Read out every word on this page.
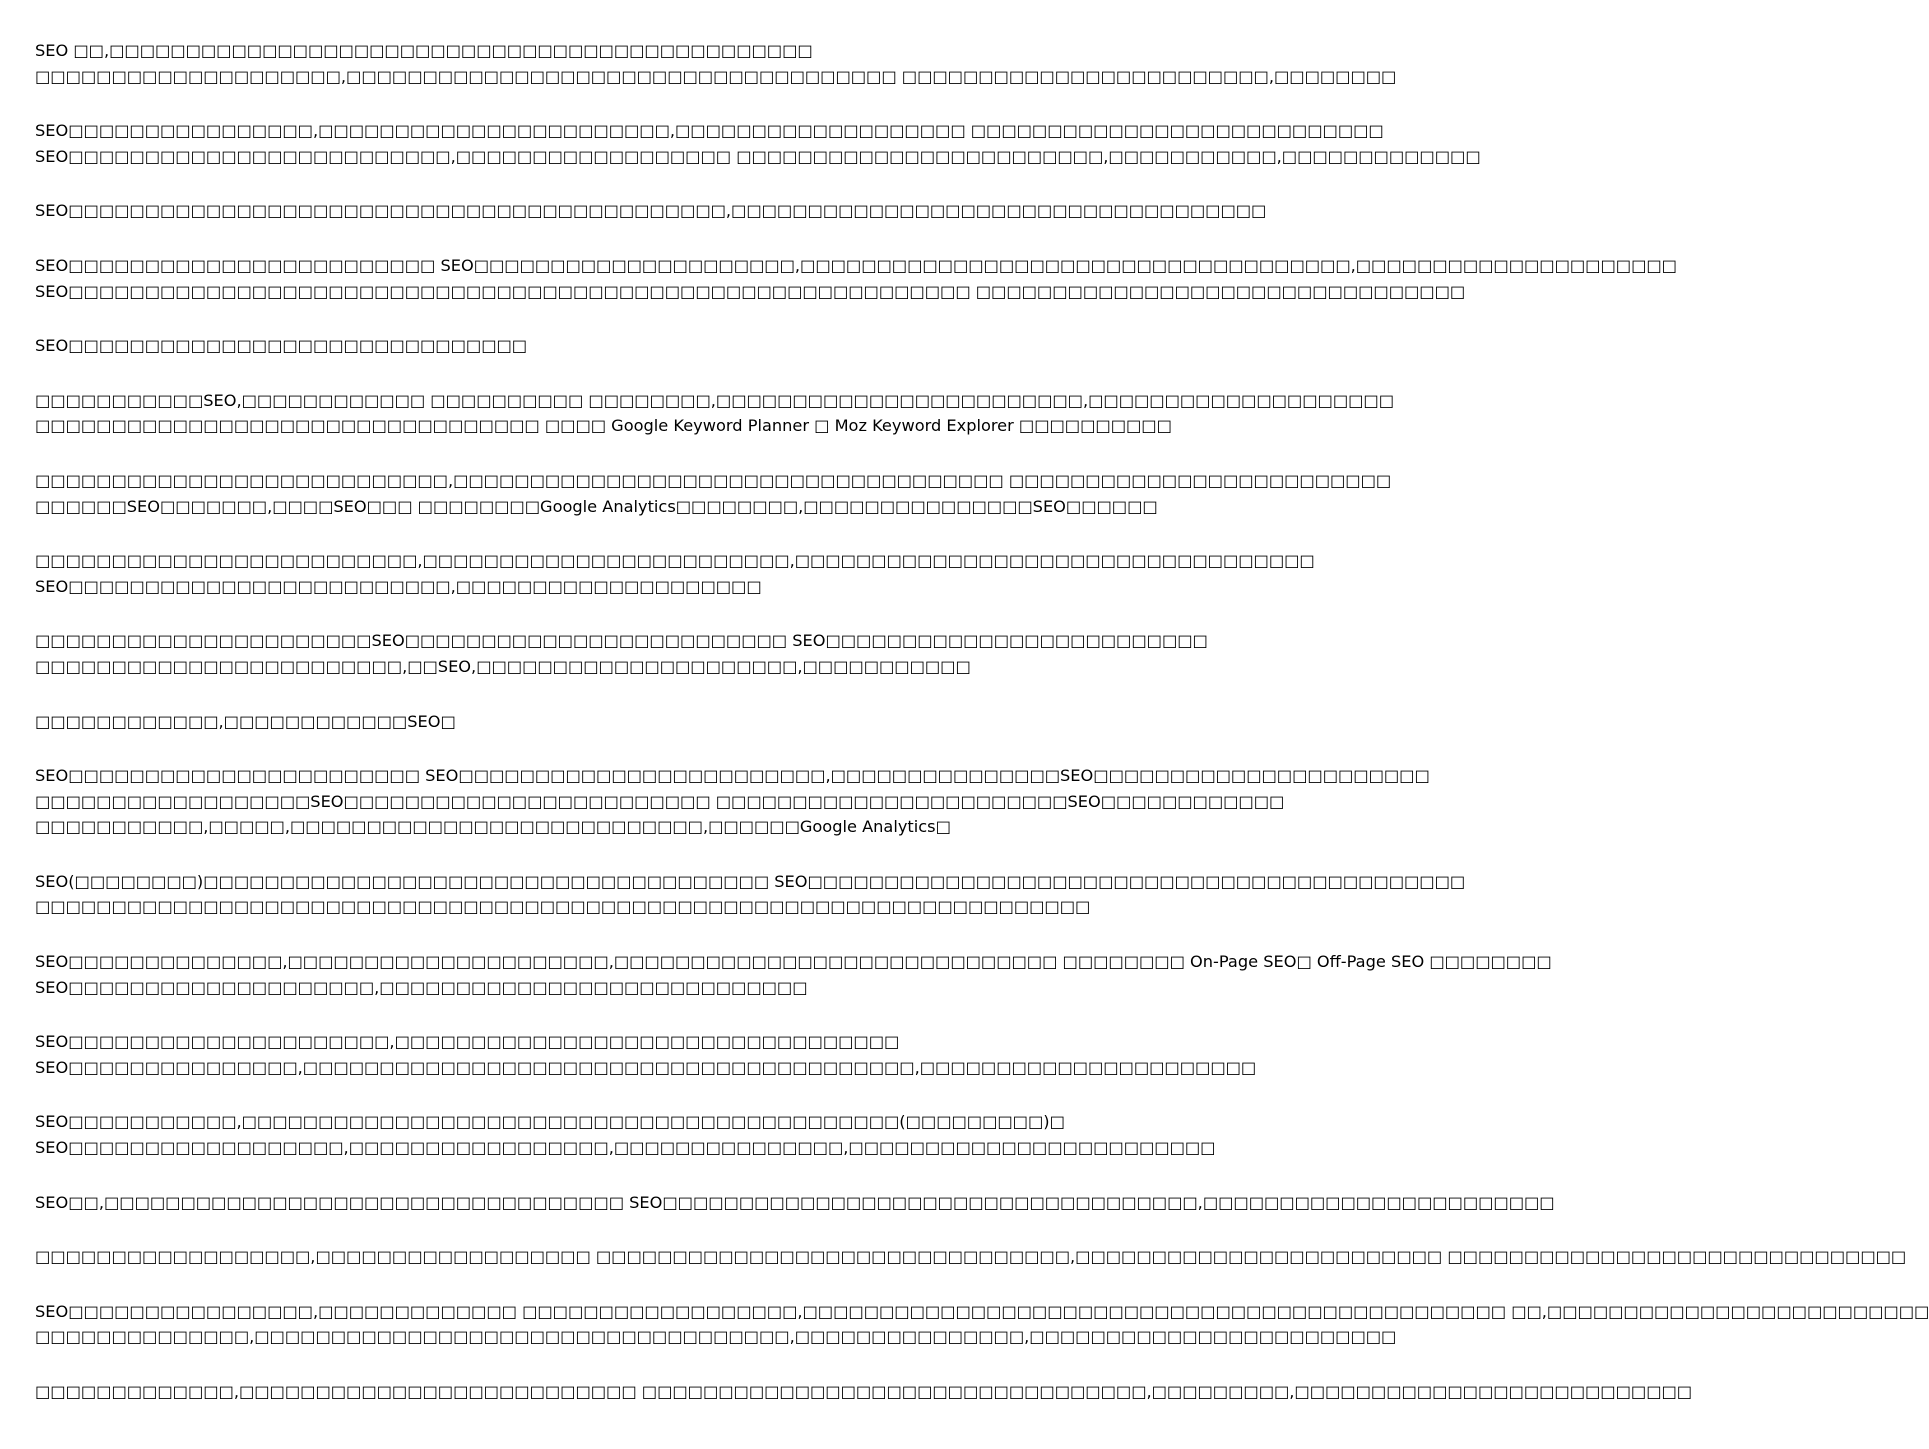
SEO □□,□□□□□□□□□□□□□□□□□□□□□□□□□□□□□□□□□□□□□□□□□□□□□□
□□□□□□□□□□□□□□□□□□□□,□□□□□□□□□□□□□□□□□□□□□□□□□□□□□□□□□□□□ □□□□□□□□□□□□□□□□□□□□□□□□,□□□□□□□□
SEO□□□□□□□□□□□□□□□□,□□□□□□□□□□□□□□□□□□□□□□□,□□□□□□□□□□□□□□□□□□□ □□□□□□□□□□□□□□□□□□□□□□□□□□□
SEO□□□□□□□□□□□□□□□□□□□□□□□□□,□□□□□□□□□□□□□□□□□□ □□□□□□□□□□□□□□□□□□□□□□□□,□□□□□□□□□□□,□□□□□□□□□□□□□
SEO□□□□□□□□□□□□□□□□□□□□□□□□□□□□□□□□□□□□□□□□□□□,□□□□□□□□□□□□□□□□□□□□□□□□□□□□□□□□□□□
SEO□□□□□□□□□□□□□□□□□□□□□□□□ SEO□□□□□□□□□□□□□□□□□□□□□,□□□□□□□□□□□□□□□□□□□□□□□□□□□□□□□□□□□□,□□□□□□□□□□□□□□□□□□□□□
SEO□□□□□□□□□□□□□□□□□□□□□□□□□□□□□□□□□□□□□□□□□□□□□□□□□□□□□□□□□□□ □□□□□□□□□□□□□□□□□□□□□□□□□□□□□□□□
SEO□□□□□□□□□□□□□□□□□□□□□□□□□□□□□□
□□□□□□□□□□□SEO,□□□□□□□□□□□□ □□□□□□□□□□ □□□□□□□□,□□□□□□□□□□□□□□□□□□□□□□□□,□□□□□□□□□□□□□□□□□□□□
□□□□□□□□□□□□□□□□□□□□□□□□□□□□□□□□□ □□□□ Google Keyword Planner □ Moz Keyword Explorer □□□□□□□□□□
□□□□□□□□□□□□□□□□□□□□□□□□□□□,□□□□□□□□□□□□□□□□□□□□□□□□□□□□□□□□□□□□ □□□□□□□□□□□□□□□□□□□□□□□□□
□□□□□□SEO□□□□□□□,□□□□SEO□□□ □□□□□□□□Google Analytics□□□□□□□□,□□□□□□□□□□□□□□□SEO□□□□□□
□□□□□□□□□□□□□□□□□□□□□□□□□,□□□□□□□□□□□□□□□□□□□□□□□□,□□□□□□□□□□□□□□□□□□□□□□□□□□□□□□□□□□
SEO□□□□□□□□□□□□□□□□□□□□□□□□□,□□□□□□□□□□□□□□□□□□□□
□□□□□□□□□□□□□□□□□□□□□□SEO□□□□□□□□□□□□□□□□□□□□□□□□□ SEO□□□□□□□□□□□□□□□□□□□□□□□□□
□□□□□□□□□□□□□□□□□□□□□□□□,□□SEO,□□□□□□□□□□□□□□□□□□□□□,□□□□□□□□□□□
□□□□□□□□□□□□,□□□□□□□□□□□□SEO□
SEO□□□□□□□□□□□□□□□□□□□□□□□ SEO□□□□□□□□□□□□□□□□□□□□□□□□,□□□□□□□□□□□□□□□SEO□□□□□□□□□□□□□□□□□□□□□□
□□□□□□□□□□□□□□□□□□SEO□□□□□□□□□□□□□□□□□□□□□□□□ □□□□□□□□□□□□□□□□□□□□□□□SEO□□□□□□□□□□□□
□□□□□□□□□□□,□□□□□,□□□□□□□□□□□□□□□□□□□□□□□□□□□,□□□□□□Google Analytics□
SEO(□□□□□□□□)□□□□□□□□□□□□□□□□□□□□□□□□□□□□□□□□□□□□□ SEO□□□□□□□□□□□□□□□□□□□□□□□□□□□□□□□□□□□□□□□□□□□
□□□□□□□□□□□□□□□□□□□□□□□□□□□□□□□□□□□□□□□□□□□□□□□□□□□□□□□□□□□□□□□□□□□□□
SEO□□□□□□□□□□□□□□,□□□□□□□□□□□□□□□□□□□□□,□□□□□□□□□□□□□□□□□□□□□□□□□□□□□ □□□□□□□□ On-Page SEO□ Off-Page SEO □□□□□□□□
SEO□□□□□□□□□□□□□□□□□□□□,□□□□□□□□□□□□□□□□□□□□□□□□□□□□
SEO□□□□□□□□□□□□□□□□□□□□□,□□□□□□□□□□□□□□□□□□□□□□□□□□□□□□□□□
SEO□□□□□□□□□□□□□□□,□□□□□□□□□□□□□□□□□□□□□□□□□□□□□□□□□□□□□□□□,□□□□□□□□□□□□□□□□□□□□□□
SEO□□□□□□□□□□□,□□□□□□□□□□□□□□□□□□□□□□□□□□□□□□□□□□□□□□□□□□□(□□□□□□□□□)□
SEO□□□□□□□□□□□□□□□□□□,□□□□□□□□□□□□□□□□□,□□□□□□□□□□□□□□□,□□□□□□□□□□□□□□□□□□□□□□□□
SEO□□,□□□□□□□□□□□□□□□□□□□□□□□□□□□□□□□□□□ SEO□□□□□□□□□□□□□□□□□□□□□□□□□□□□□□□□□□□,□□□□□□□□□□□□□□□□□□□□□□□
□□□□□□□□□□□□□□□□□□,□□□□□□□□□□□□□□□□□□ □□□□□□□□□□□□□□□□□□□□□□□□□□□□□□□,□□□□□□□□□□□□□□□□□□□□□□□□ □□□□□□□□□□□□□□□□□□□□□□□□□□□□□□
SEO□□□□□□□□□□□□□□□□,□□□□□□□□□□□□□ □□□□□□□□□□□□□□□□□□,□□□□□□□□□□□□□□□□□□□□□□□□□□□□□□□□□□□□□□□□□□□□□□ □□,□□□□□□□□□□□□□□□□□□□□□□□□□
□□□□□□□□□□□□□□,□□□□□□□□□□□□□□□□□□□□□□□□□□□□□□□□□□□,□□□□□□□□□□□□□□□,□□□□□□□□□□□□□□□□□□□□□□□□
□□□□□□□□□□□□□,□□□□□□□□□□□□□□□□□□□□□□□□□□ □□□□□□□□□□□□□□□□□□□□□□□□□□□□□□□□□,□□□□□□□□□,□□□□□□□□□□□□□□□□□□□□□□□□□□
